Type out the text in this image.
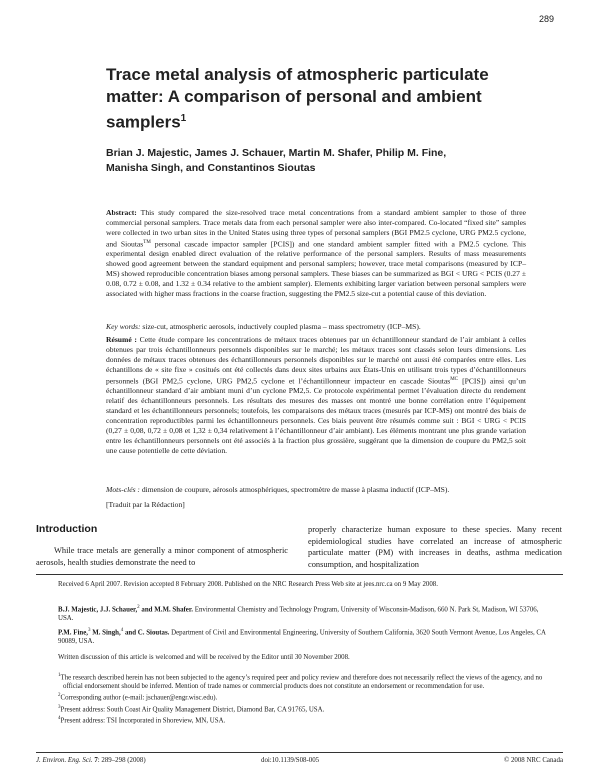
289
Trace metal analysis of atmospheric particulate matter: A comparison of personal and ambient samplers$^1$

Brian J. Majestic, James J. Schauer, Martin M. Shafer, Philip M. Fine,
Manisha Singh, and Constantinos Sioutas

Abstract: This study compared the size-resolved trace metal concentrations from a standard ambient sampler to those of three commercial personal samplers. Trace metals data from each personal sampler were also inter-compared. Co-located “fixed site” samples were collected in two urban sites in the United States using three types of personal samplers (BGI PM2.5 cyclone, URG PM2.5 cyclone, and Sioutas™ personal cascade impactor sampler [PCIS]) and one standard ambient sampler fitted with a PM2.5 cyclone. This experimental design enabled direct evaluation of the relative performance of the personal samplers. Results of mass measurements showed good agreement between the standard equipment and personal samplers; however, trace metal comparisons (measured by ICP–MS) showed reproducible concentration biases among personal samplers. These biases can be summarized as BGI < URG < PCIS (0.27 ± 0.08, 0.72 ± 0.08, and 1.32 ± 0.34 relative to the ambient sampler). Elements exhibiting larger variation between personal samplers were associated with higher mass fractions in the coarse fraction, suggesting the PM2.5 size-cut a potential cause of this deviation.

Key words: size-cut, atmospheric aerosols, inductively coupled plasma – mass spectrometry (ICP–MS).

Résumé : Cette étude compare les concentrations de métaux traces obtenues par un échantillonneur standard de l’air ambiant à celles obtenues par trois échantillonneurs personnels disponibles sur le marché; les métaux traces sont classés selon leurs dimensions. Les données de métaux traces obtenues des échantillonneurs personnels disponibles sur le marché ont aussi été comparées entre elles. Les échantillons de « site fixe » cositués ont été collectés dans deux sites urbains aux États-Unis en utilisant trois types d’échantillonneurs personnels (BGI PM2,5 cyclone, URG PM2,5 cyclone et l’échantillonneur impacteur en cascade Sioutas$^{MC}$ [PCIS]) ainsi qu’un échantillonneur standard d’air ambiant muni d’un cyclone PM2,5. Ce protocole expérimental permet l’évaluation directe du rendement relatif des échantillonneurs personnels. Les résultats des mesures des masses ont montré une bonne corrélation entre l’équipement standard et les échantillonneurs personnels; toutefois, les comparaisons des métaux traces (mesurés par ICP-MS) ont montré des biais de concentration reproductibles parmi les échantillonneurs personnels. Ces biais peuvent être résumés comme suit : BGI < URG < PCIS (0,27 ± 0,08, 0,72 ± 0,08 et 1,32 ± 0,34 relativement à l’échantillonneur d’air ambiant). Les éléments montrant une plus grande variation entre les échantillonneurs personnels ont été associés à la fraction plus grossière, suggérant que la dimension de coupure du PM2,5 soit une cause potentielle de cette déviation.

Mots-clés : dimension de coupure, aérosols atmosphériques, spectromètre de masse à plasma inductif (ICP–MS).

[Traduit par la Rédaction]

Introduction

While trace metals are generally a minor component of atmospheric aerosols, health studies demonstrate the need to

properly characterize human exposure to these species. Many recent epidemiological studies have correlated an increase of atmospheric particulate matter (PM) with increases in deaths, asthma medication consumption, and hospitalization

Received 6 April 2007. Revision accepted 8 February 2008. Published on the NRC Research Press Web site at jees.nrc.ca on 9 May 2008.

B.J. Majestic, J.J. Schauer,$^2$ and M.M. Shafer. Environmental Chemistry and Technology Program, University of Wisconsin-Madison, 660 N. Park St, Madison, WI 53706, USA.

P.M. Fine,$^3$ M. Singh,$^4$ and C. Sioutas. Department of Civil and Environmental Engineering, University of Southern California, 3620 South Vermont Avenue, Los Angeles, CA 90089, USA.

Written discussion of this article is welcomed and will be received by the Editor until 30 November 2008.

$^1$The research described herein has not been subjected to the agency’s required peer and policy review and therefore does not necessarily reflect the views of the agency, and no official endorsement should be inferred. Mention of trade names or commercial products does not constitute an endorsement or recommendation for use.

$^2$Corresponding author (e-mail: jschauer@engr.wisc.edu).

$^3$Present address: South Coast Air Quality Management District, Diamond Bar, CA 91765, USA.

$^4$Present address: TSI Incorporated in Shoreview, MN, USA.

J. Environ. Eng. Sci. 7: 289–298 (2008)	doi:10.1139/S08-005	© 2008 NRC Canada
